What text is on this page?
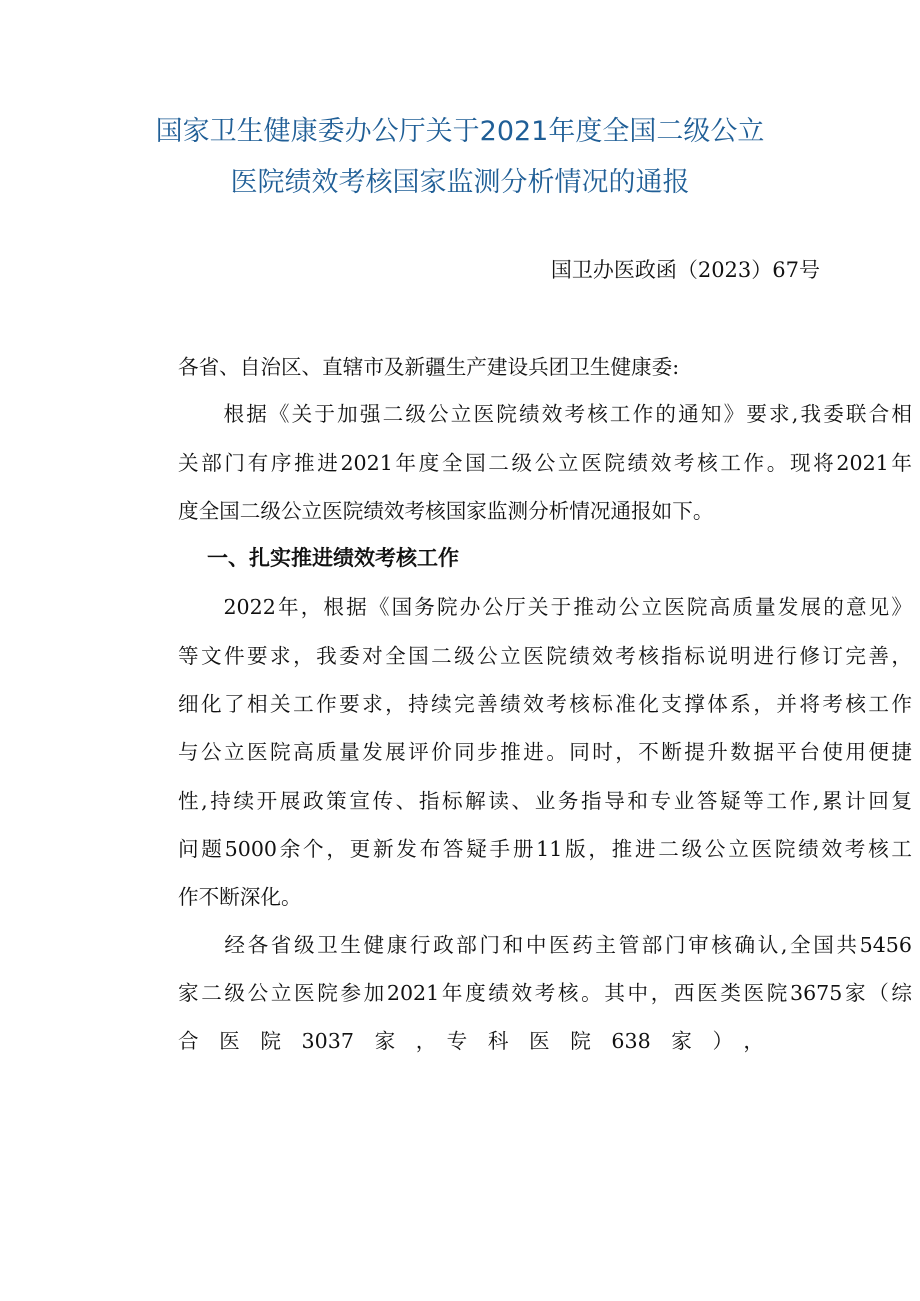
国家卫生健康委办公厅关于2021年度全国二级公立
医院绩效考核国家监测分析情况的通报
国卫办医政函（2023）67号
各省、自治区、直辖市及新疆生产建设兵团卫生健康委:
　　根据《关于加强二级公立医院绩效考核工作的通知》要求,我委联合相
关部门有序推进2021年度全国二级公立医院绩效考核工作。现将2021年
度全国二级公立医院绩效考核国家监测分析情况通报如下。
一、扎实推进绩效考核工作
　　2022年，根据《国务院办公厅关于推动公立医院高质量发展的意见》
等文件要求，我委对全国二级公立医院绩效考核指标说明进行修订完善，
细化了相关工作要求，持续完善绩效考核标准化支撑体系，并将考核工作
与公立医院高质量发展评价同步推进。同时，不断提升数据平台使用便捷
性,持续开展政策宣传、指标解读、业务指导和专业答疑等工作,累计回复
问题5000余个，更新发布答疑手册11版，推进二级公立医院绩效考核工
作不断深化。
　　经各省级卫生健康行政部门和中医药主管部门审核确认,全国共5456
家二级公立医院参加2021年度绩效考核。其中，西医类医院3675家（综
合　医　院　3037　家　，　专　科　医　院　638　家　）　，
